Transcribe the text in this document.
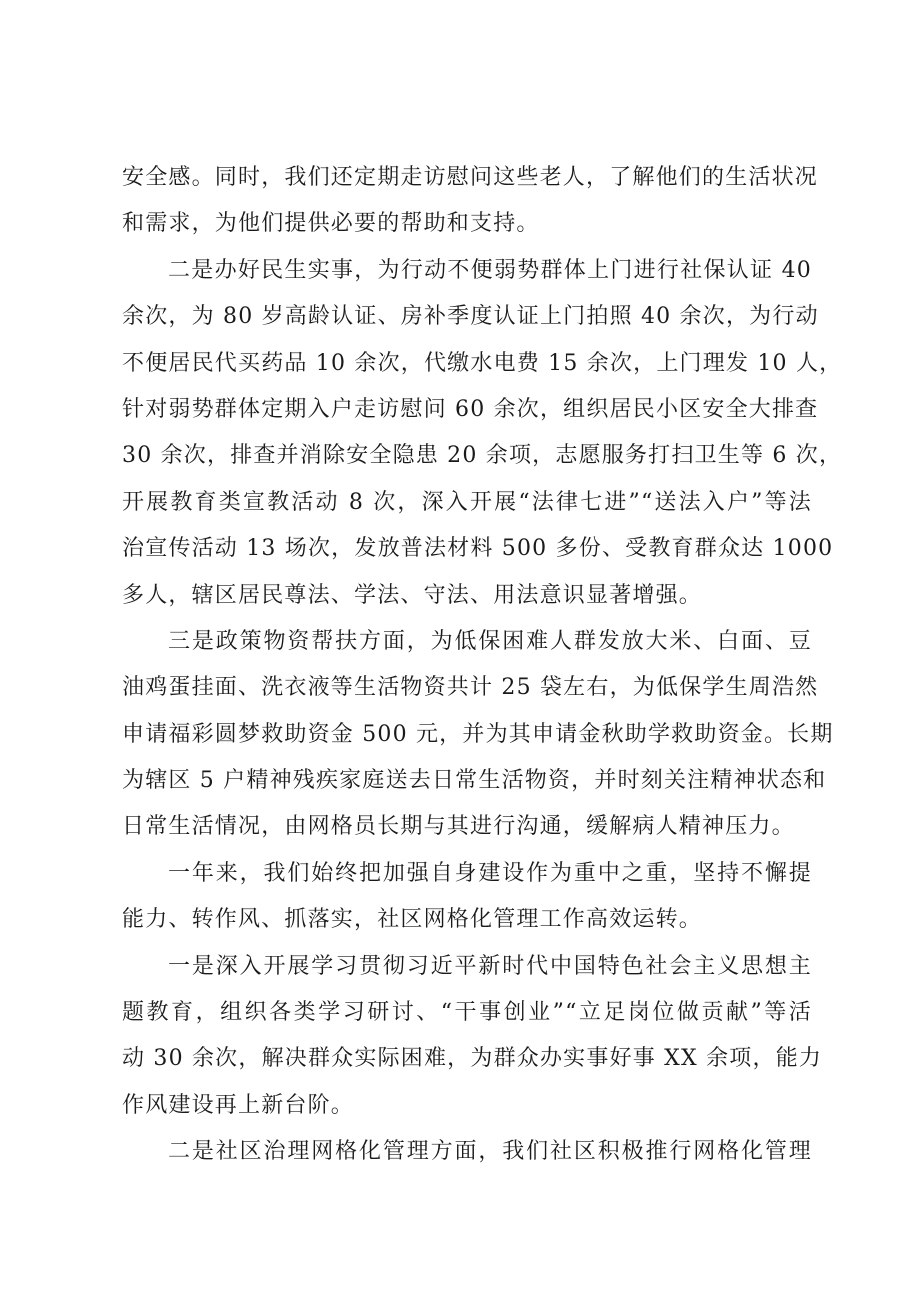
安全感。同时，我们还定期走访慰问这些老人，了解他们的生活状况
和需求，为他们提供必要的帮助和支持。
二是办好民生实事，为行动不便弱势群体上门进行社保认证 40
余次，为 80 岁高龄认证、房补季度认证上门拍照 40 余次，为行动
不便居民代买药品 10 余次，代缴水电费 15 余次，上门理发 10 人，
针对弱势群体定期入户走访慰问 60 余次，组织居民小区安全大排查
30 余次，排查并消除安全隐患 20 余项，志愿服务打扫卫生等 6 次，
开展教育类宣教活动 8 次，深入开展“法律七进”“送法入户”等法
治宣传活动 13 场次，发放普法材料 500 多份、受教育群众达 1000
多人，辖区居民尊法、学法、守法、用法意识显著增强。
三是政策物资帮扶方面，为低保困难人群发放大米、白面、豆
油鸡蛋挂面、洗衣液等生活物资共计 25 袋左右，为低保学生周浩然
申请福彩圆梦救助资金 500 元，并为其申请金秋助学救助资金。长期
为辖区 5 户精神残疾家庭送去日常生活物资，并时刻关注精神状态和
日常生活情况，由网格员长期与其进行沟通，缓解病人精神压力。
一年来，我们始终把加强自身建设作为重中之重，坚持不懈提
能力、转作风、抓落实，社区网格化管理工作高效运转。
一是深入开展学习贯彻习近平新时代中国特色社会主义思想主
题教育，组织各类学习研讨、“干事创业”“立足岗位做贡献”等活
动 30 余次，解决群众实际困难，为群众办实事好事 XX 余项，能力
作风建设再上新台阶。
二是社区治理网格化管理方面，我们社区积极推行网格化管理
